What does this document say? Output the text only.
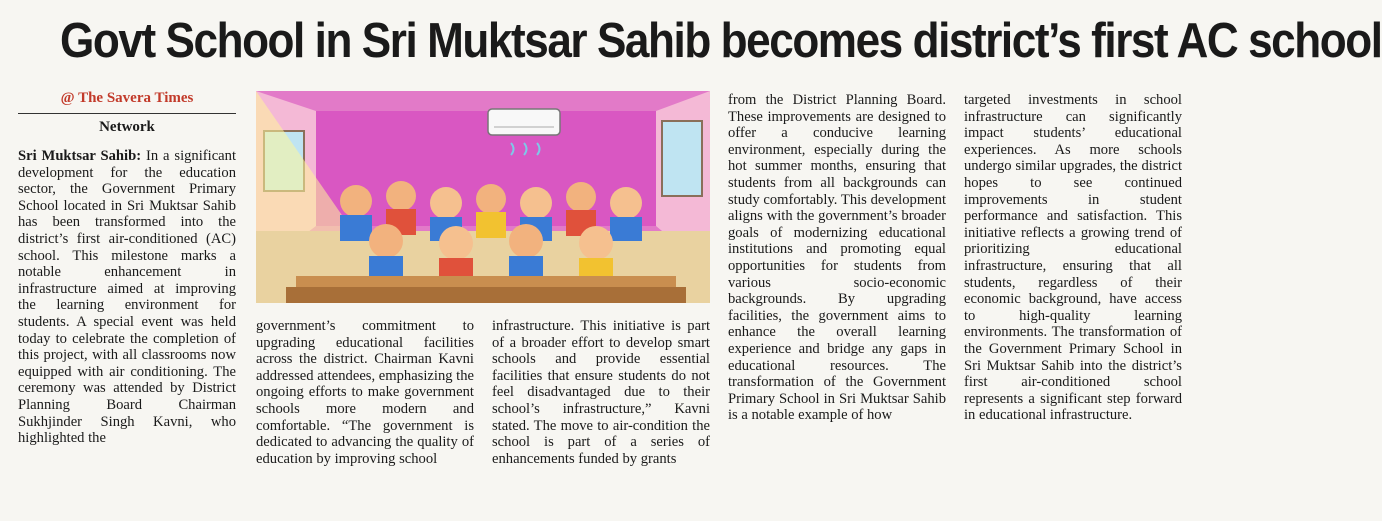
Govt School in Sri Muktsar Sahib becomes district’s first AC school
@ The Savera Times
Network

Sri Muktsar Sahib: In a significant development for the education sector, the Government Primary School located in Sri Muktsar Sahib has been transformed into the district’s first air-conditioned (AC) school. This milestone marks a notable enhancement in infrastructure aimed at improving the learning environment for students. A special event was held today to celebrate the completion of this project, with all classrooms now equipped with air conditioning. The ceremony was attended by District Planning Board Chairman Sukhjinder Singh Kavni, who highlighted the

government’s commitment to upgrading educational facilities across the district. Chairman Kavni addressed attendees, emphasizing the ongoing efforts to make government schools more modern and comfortable. “The government is dedicated to advancing the quality of education by improving school

infrastructure. This initiative is part of a broader effort to develop smart schools and provide essential facilities that ensure students do not feel disadvantaged due to their school’s infrastructure,” Kavni stated. The move to air-condition the school is part of a series of enhancements funded by grants

from the District Planning Board. These improvements are designed to offer a conducive learning environment, especially during the hot summer months, ensuring that students from all backgrounds can study comfortably. This development aligns with the government’s broader goals of modernizing educational institutions and promoting equal opportunities for students from various socio-economic backgrounds. By upgrading facilities, the government aims to enhance the overall learning experience and bridge any gaps in educational resources. The transformation of the Government Primary School in Sri Muktsar Sahib is a notable example of how

targeted investments in school infrastructure can significantly impact students’ educational experiences. As more schools undergo similar upgrades, the district hopes to see continued improvements in student performance and satisfaction. This initiative reflects a growing trend of prioritizing educational infrastructure, ensuring that all students, regardless of their economic background, have access to high-quality learning environments. The transformation of the Government Primary School in Sri Muktsar Sahib into the district’s first air-conditioned school represents a significant step forward in educational infrastructure.
